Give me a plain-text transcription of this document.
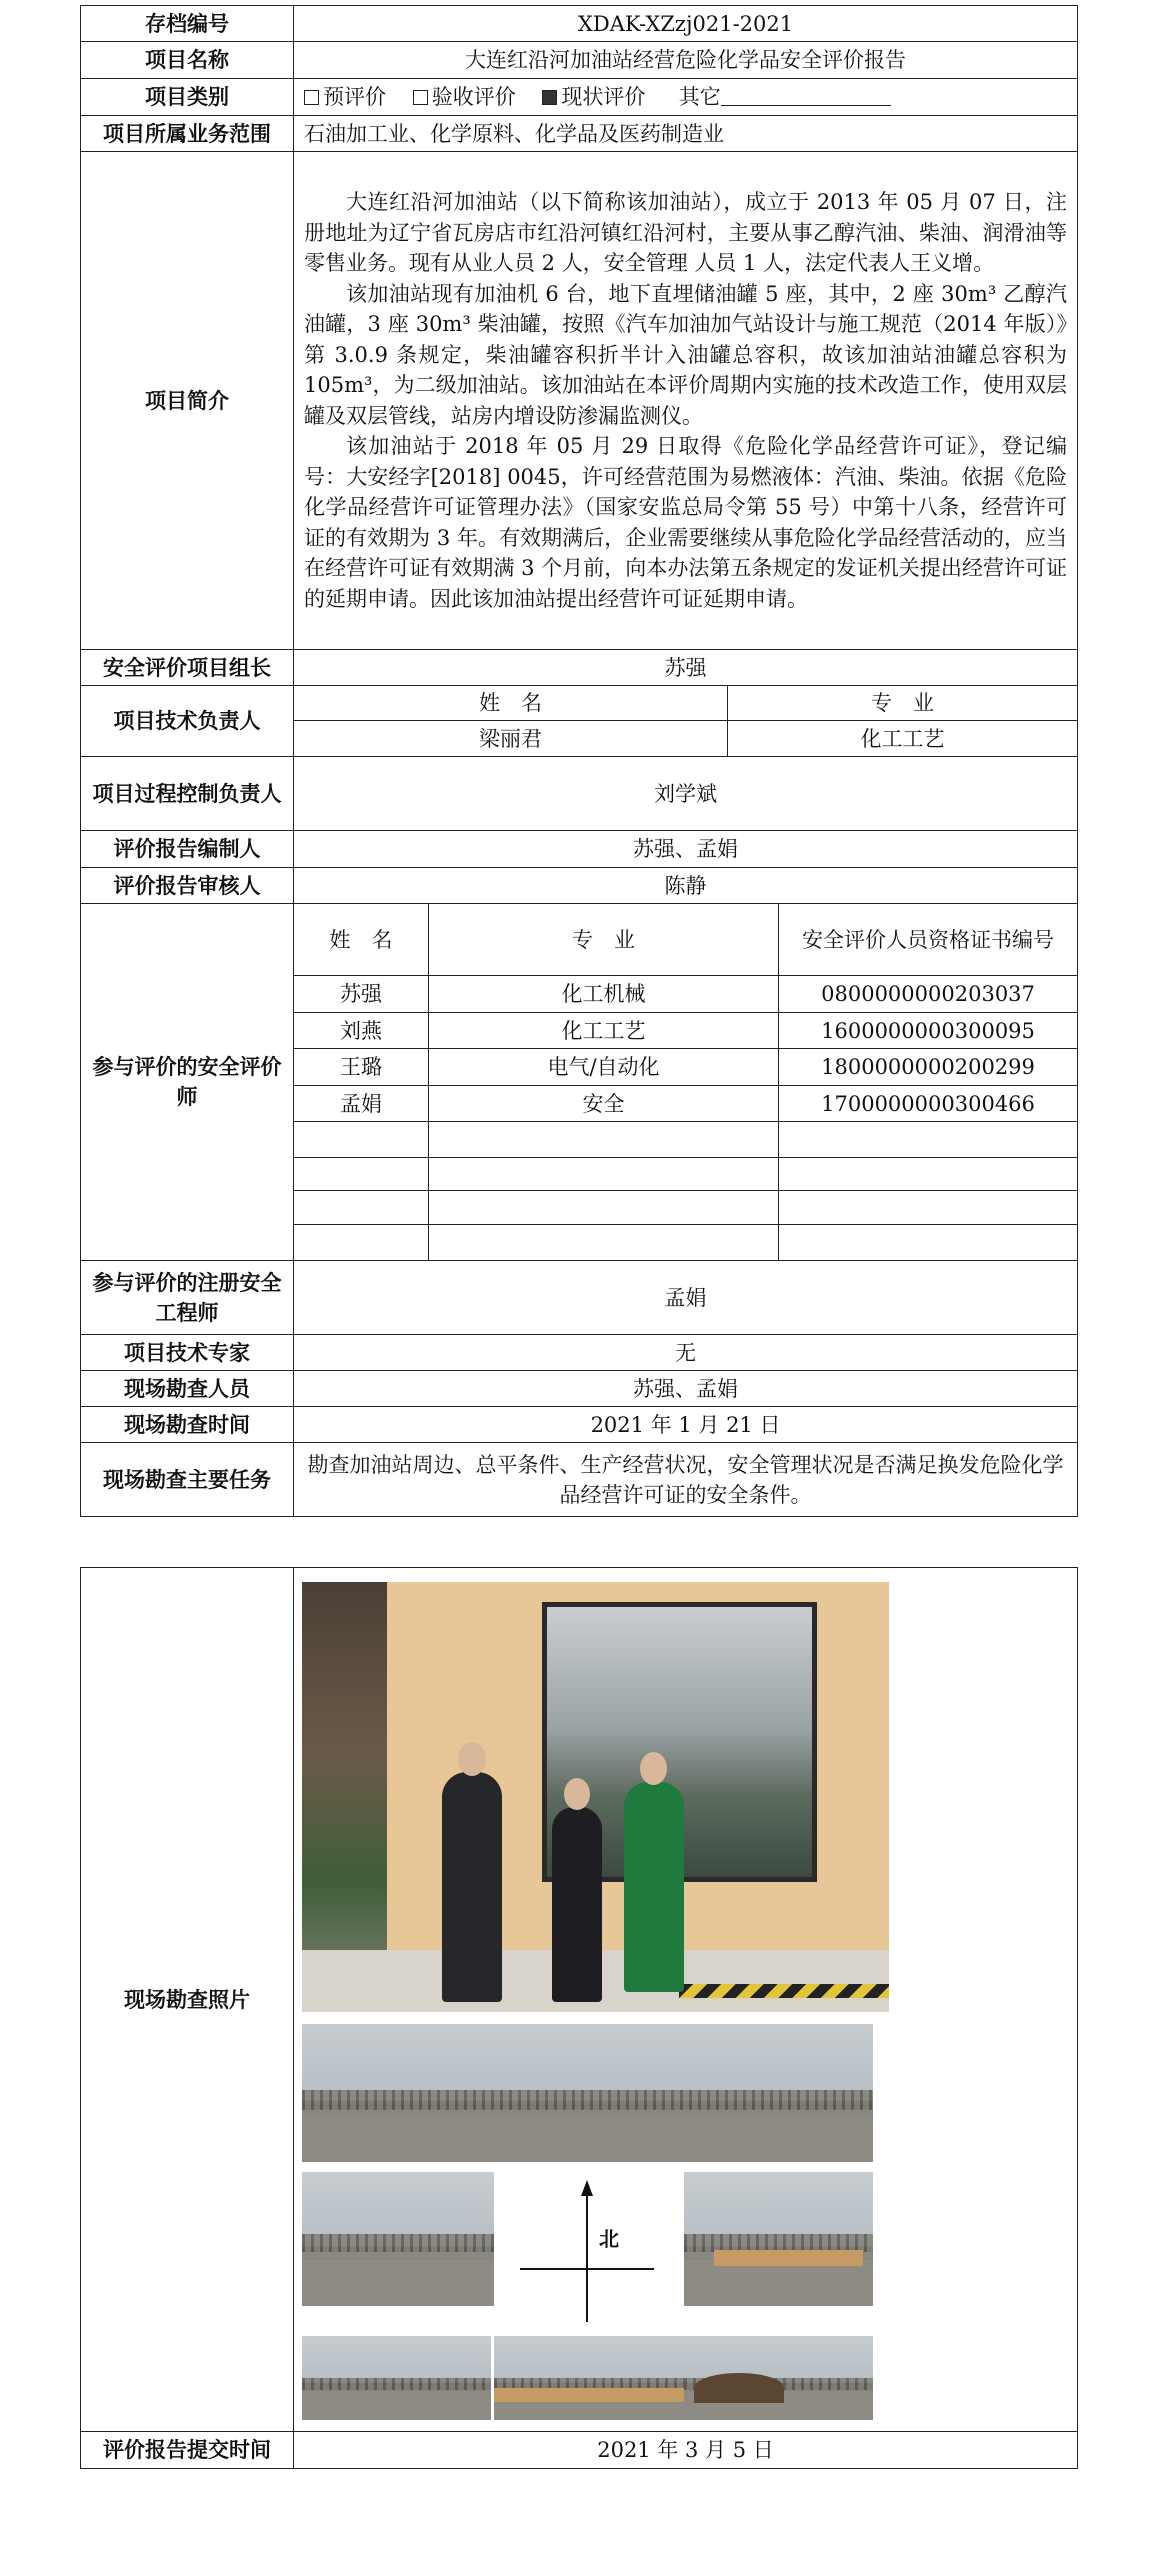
存档编号	XDAK-XZzj021-2021			
项目名称	大连红沿河加油站经营危险化学品安全评价报告			
项目类别	预评价 验收评价 现状评价 其它			
项目所属业务范围	石油加工业、化学原料、化学品及医药制造业			
项目简介	大连红沿河加油站（以下简称该加油站），成立于 2013 年 05 月 07 日，注册地址为辽宁省瓦房店市红沿河镇红沿河村，主要从事乙醇汽油、柴油、润滑油等零售业务。现有从业人员 2 人，安全管理 人员 1 人，法定代表人王义增。

该加油站现有加油机 6 台，地下直埋储油罐 5 座，其中，2 座 30m³ 乙醇汽油罐，3 座 30m³ 柴油罐，按照《汽车加油加气站设计与施工规范（2014 年版）》第 3.0.9 条规定，柴油罐容积折半计入油罐总容积，故该加油站油罐总容积为 105m³，为二级加油站。该加油站在本评价周期内实施的技术改造工作，使用双层罐及双层管线，站房内增设防渗漏监测仪。

该加油站于 2018 年 05 月 29 日取得《危险化学品经营许可证》，登记编号：大安经字[2018] 0045，许可经营范围为易燃液体：汽油、柴油。依据《危险化学品经营许可证管理办法》（国家安监总局令第 55 号）中第十八条，经营许可证的有效期为 3 年。有效期满后，企业需要继续从事危险化学品经营活动的，应当在经营许可证有效期满 3 个月前，向本办法第五条规定的发证机关提出经营许可证的延期申请。因此该加油站提出经营许可证延期申请。			

安全评价项目组长	苏强			
项目技术负责人	姓　名		专　业	
	梁丽君		化工工艺	
项目过程控制负责人	刘学斌			
评价报告编制人	苏强、孟娟			
评价报告审核人	陈静			
参与评价的安全评价师	姓　名	专　业		安全评价人员资格证书编号
	苏强	化工机械		0800000000203037
	刘燕	化工工艺		1600000000300095
	王璐	电气/自动化		1800000000200299
	孟娟	安全		1700000000300466

参与评价的注册安全工程师	孟娟			
项目技术专家	无			
现场勘查人员	苏强、孟娟			
现场勘查时间	2021 年 1 月 21 日			
现场勘查主要任务	勘查加油站周边、总平条件、生产经营状况，安全管理状况是否满足换发危险化学品经营许可证的安全条件。			
现场勘查照片	北

评价报告提交时间	2021 年 3 月 5 日
